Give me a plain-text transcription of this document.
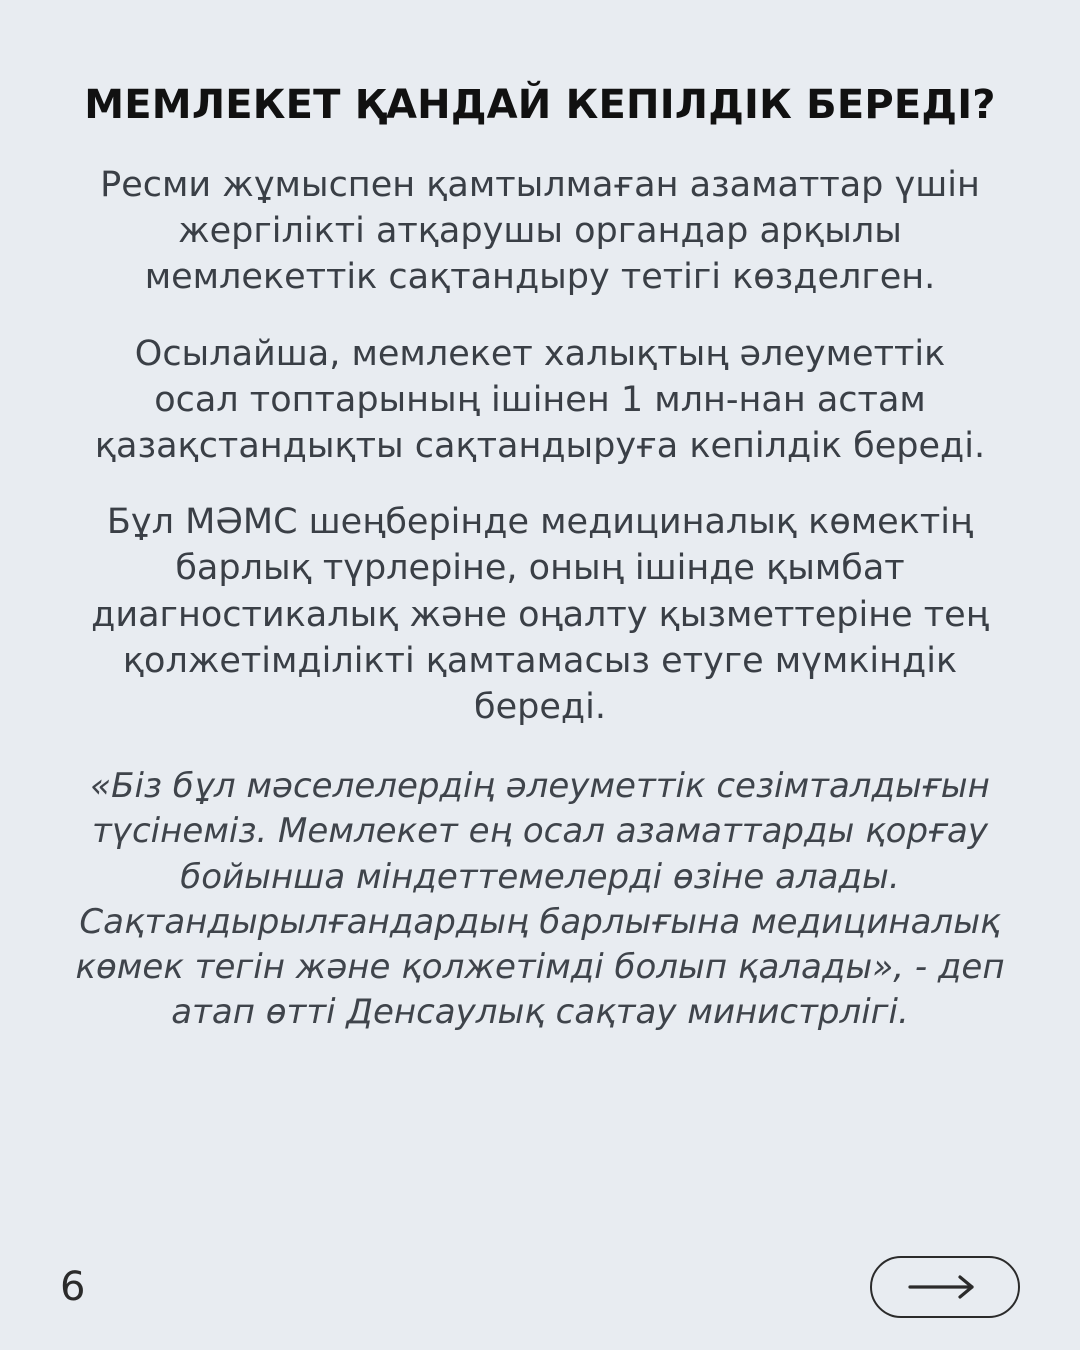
МЕМЛЕКЕТ ҚАНДАЙ КЕПІЛДІК БЕРЕДІ?

Ресми жұмыспен қамтылмаған азаматтар үшін жергілікті атқарушы органдар арқылы мемлекеттік сақтандыру тетігі көзделген.

Осылайша, мемлекет халықтың әлеуметтік осал топтарының ішінен 1 млн-нан астам қазақстандықты сақтандыруға кепілдік береді.

Бұл МӘМС шеңберінде медициналық көмектің барлық түрлеріне, оның ішінде қымбат диагностикалық және оңалту қызметтеріне тең қолжетімділікті қамтамасыз етуге мүмкіндік береді.

«Біз бұл мәселелердің әлеуметтік сезімталдығын түсінеміз. Мемлекет ең осал азаматтарды қорғау бойынша міндеттемелерді өзіне алады. Сақтандырылғандардың барлығына медициналық көмек тегін және қолжетімді болып қалады», - деп атап өтті Денсаулық сақтау министрлігі.

6
